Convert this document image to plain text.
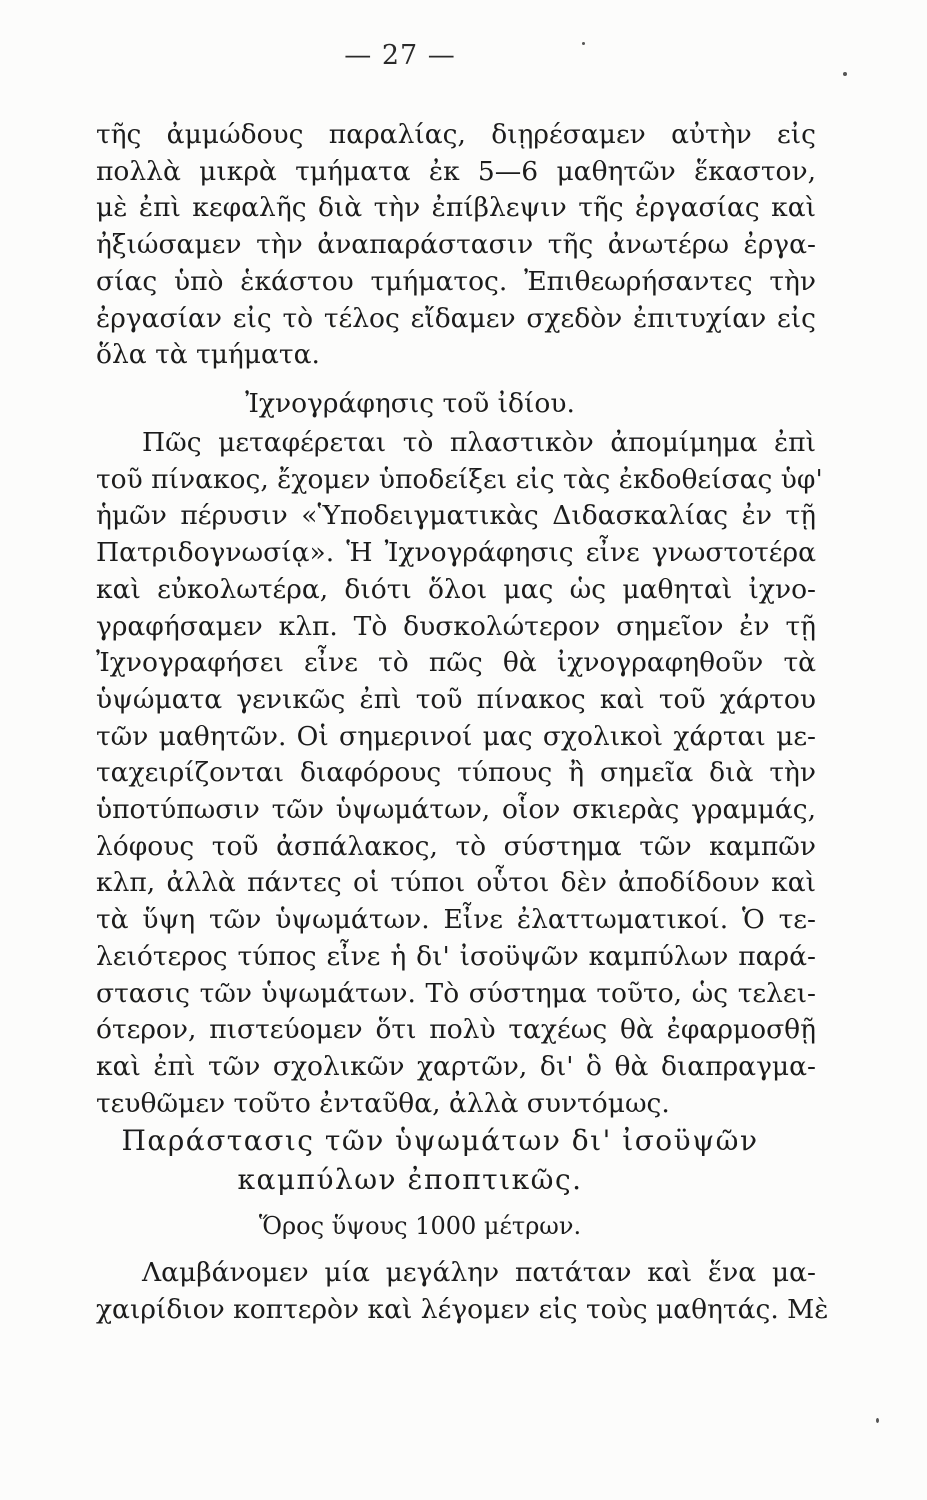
— 27 —
τῆς ἀμμώδους παραλίας, διῃρέσαμεν αὐτὴν εἰς
πολλὰ μικρὰ τμήματα ἐκ 5—6 μαθητῶν ἕκαστον,
μὲ ἐπὶ κεφαλῆς διὰ τὴν ἐπίβλεψιν τῆς ἐργασίας καὶ
ἠξιώσαμεν τὴν ἀναπαράστασιν τῆς ἀνωτέρω ἐργα-
σίας ὑπὸ ἑκάστου τμήματος. Ἐπιθεωρήσαντες τὴν
ἐργασίαν εἰς τὸ τέλος εἴδαμεν σχεδὸν ἐπιτυχίαν εἰς
ὅλα τὰ τμήματα.
Ἰχνογράφησις τοῦ ἰδίου.
Πῶς μεταφέρεται τὸ πλαστικὸν ἀπομίμημα ἐπὶ
τοῦ πίνακος, ἔχομεν ὑποδείξει εἰς τὰς ἐκδοθείσας ὑφ'
ἡμῶν πέρυσιν «Ὑποδειγματικὰς Διδασκαλίας ἐν τῇ
Πατριδογνωσίᾳ». Ἡ Ἰχνογράφησις εἶνε γνωστοτέρα
καὶ εὐκολωτέρα, διότι ὅλοι μας ὡς μαθηταὶ ἰχνο-
γραφήσαμεν κλπ. Τὸ δυσκολώτερον σημεῖον ἐν τῇ
Ἰχνογραφήσει εἶνε τὸ πῶς θὰ ἰχνογραφηθοῦν τὰ
ὑψώματα γενικῶς ἐπὶ τοῦ πίνακος καὶ τοῦ χάρτου
τῶν μαθητῶν. Οἱ σημερινοί μας σχολικοὶ χάρται με-
ταχειρίζονται διαφόρους τύπους ἢ σημεῖα διὰ τὴν
ὑποτύπωσιν τῶν ὑψωμάτων, οἷον σκιερὰς γραμμάς,
λόφους τοῦ ἀσπάλακος, τὸ σύστημα τῶν καμπῶν
κλπ, ἀλλὰ πάντες οἱ τύποι οὗτοι δὲν ἀποδίδουν καὶ
τὰ ὕψη τῶν ὑψωμάτων. Εἶνε ἐλαττωματικοί. Ὁ τε-
λειότερος τύπος εἶνε ἡ δι' ἰσοϋψῶν καμπύλων παρά-
στασις τῶν ὑψωμάτων. Τὸ σύστημα τοῦτο, ὡς τελει-
ότερον, πιστεύομεν ὅτι πολὺ ταχέως θὰ ἐφαρμοσθῇ
καὶ ἐπὶ τῶν σχολικῶν χαρτῶν, δι' ὃ θὰ διαπραγμα-
τευθῶμεν τοῦτο ἐνταῦθα, ἀλλὰ συντόμως.
Παράστασις τῶν ὑψωμάτων δι' ἰσοϋψῶν
καμπύλων ἐποπτικῶς.
Ὅρος ὕψους 1000 μέτρων.
Λαμβάνομεν μία μεγάλην πατάταν καὶ ἕνα μα-
χαιρίδιον κοπτερὸν καὶ λέγομεν εἰς τοὺς μαθητάς. Μὲ
